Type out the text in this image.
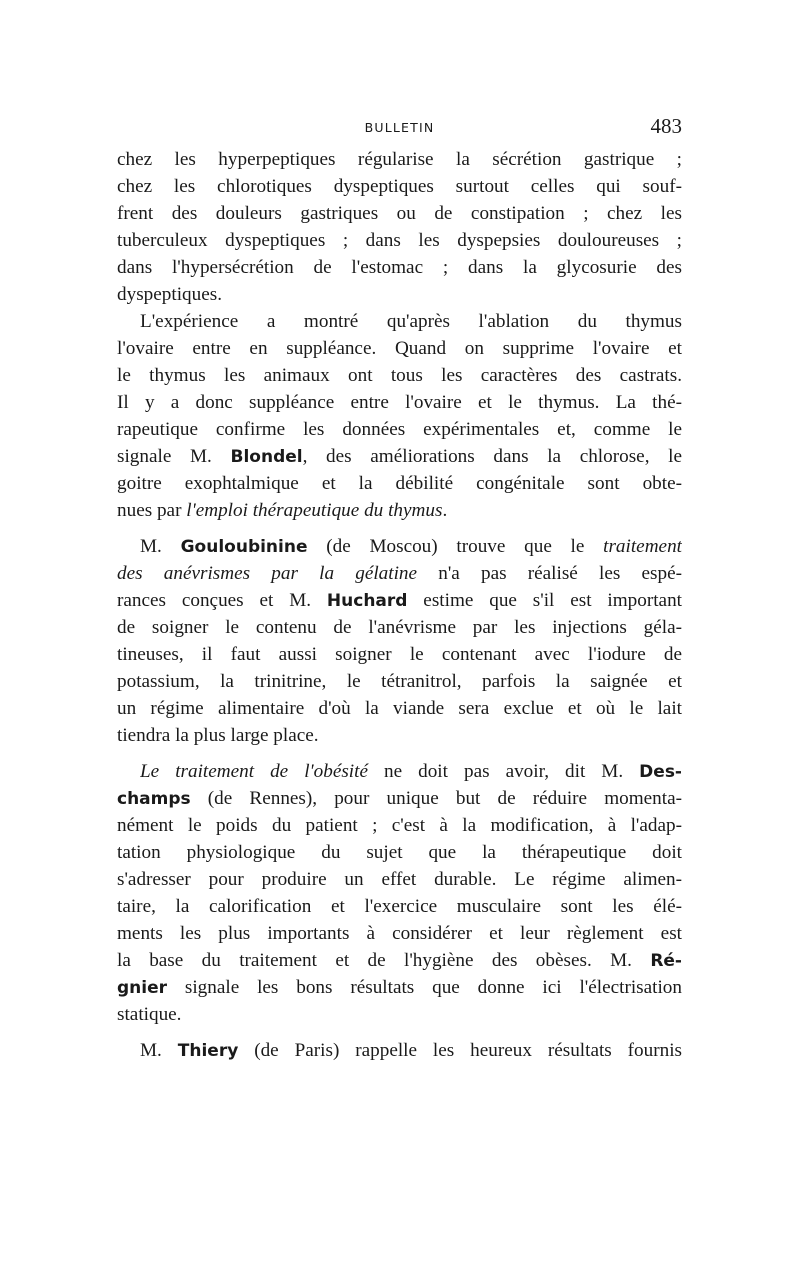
BULLETIN	483
chez les hyperpeptiques régularise la sécrétion gastrique ;
chez les chlorotiques dyspeptiques surtout celles qui souf-
frent des douleurs gastriques ou de constipation ; chez les
tuberculeux dyspeptiques ; dans les dyspepsies douloureuses ;
dans l'hypersécrétion de l'estomac ; dans la glycosurie des
dyspeptiques.
L'expérience a montré qu'après l'ablation du thymus
l'ovaire entre en suppléance. Quand on supprime l'ovaire et
le thymus les animaux ont tous les caractères des castrats.
Il y a donc suppléance entre l'ovaire et le thymus. La thé-
rapeutique confirme les données expérimentales et, comme le
signale M. Blondel, des améliorations dans la chlorose, le
goitre exophtalmique et la débilité congénitale sont obte-
nues par l'emploi thérapeutique du thymus.
M. Gouloubinine (de Moscou) trouve que le traitement
des anévrismes par la gélatine n'a pas réalisé les espé-
rances conçues et M. Huchard estime que s'il est important
de soigner le contenu de l'anévrisme par les injections géla-
tineuses, il faut aussi soigner le contenant avec l'iodure de
potassium, la trinitrine, le tétranitrol, parfois la saignée et
un régime alimentaire d'où la viande sera exclue et où le lait
tiendra la plus large place.
Le traitement de l'obésité ne doit pas avoir, dit M. Des-
champs (de Rennes), pour unique but de réduire momenta-
nément le poids du patient ; c'est à la modification, à l'adap-
tation physiologique du sujet que la thérapeutique doit
s'adresser pour produire un effet durable. Le régime alimen-
taire, la calorification et l'exercice musculaire sont les élé-
ments les plus importants à considérer et leur règlement est
la base du traitement et de l'hygiène des obèses. M. Ré-
gnier signale les bons résultats que donne ici l'électrisation
statique.
M. Thiery (de Paris) rappelle les heureux résultats fournis
